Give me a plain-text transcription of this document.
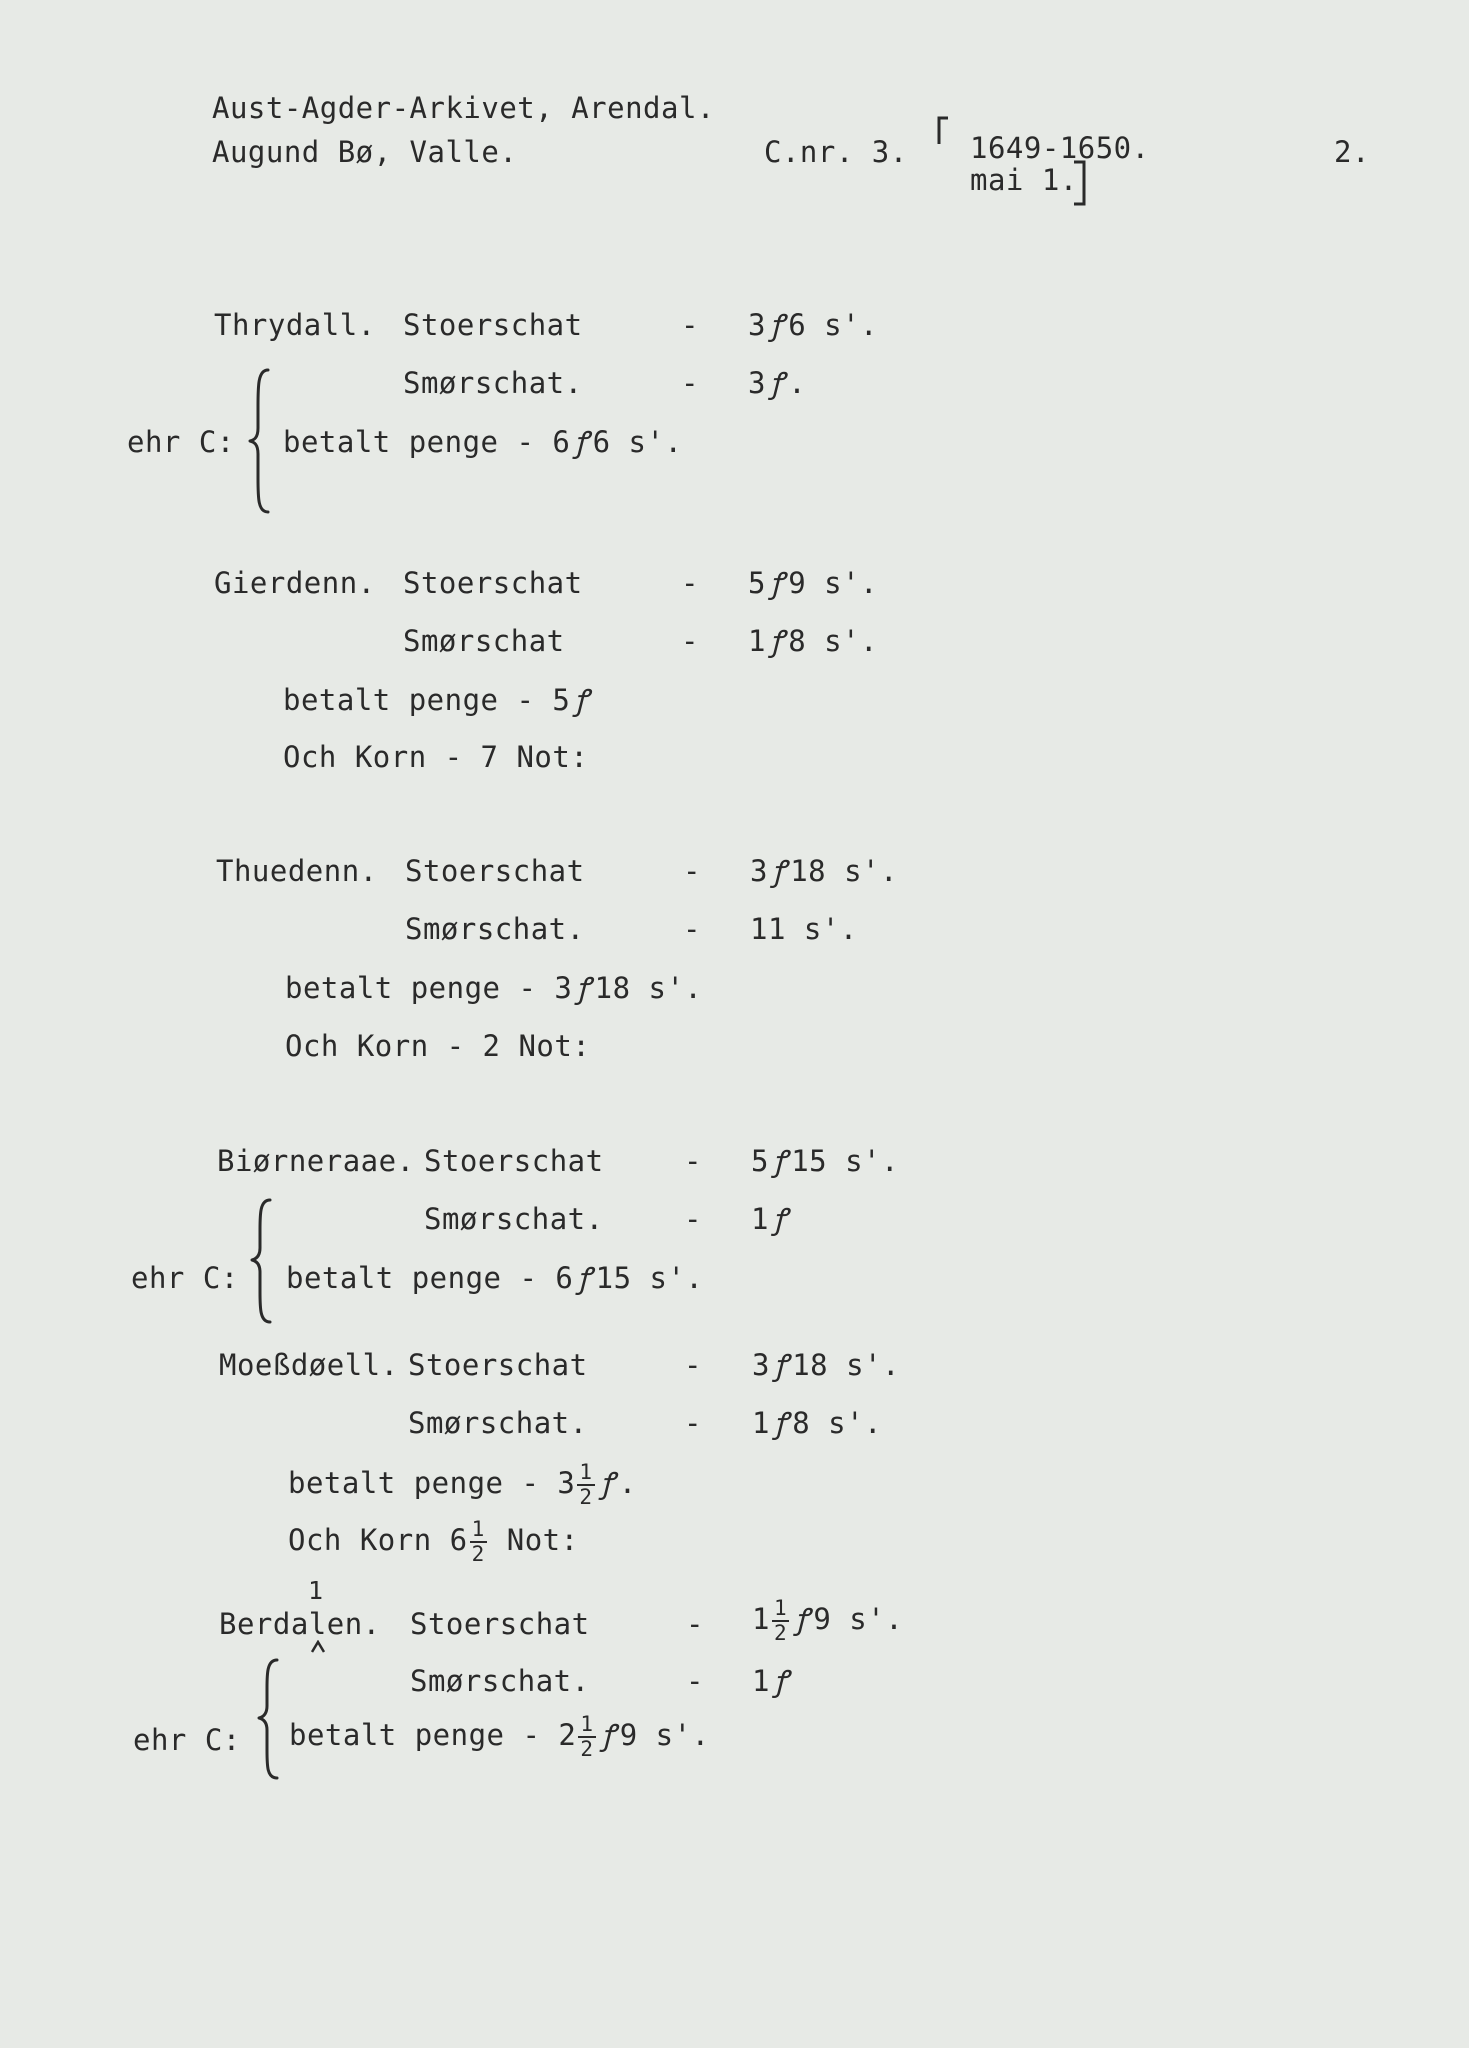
Aust-Agder-Arkivet, Arendal.
Augund Bø, Valle.	C.nr. 3. 1649-1650.
mai 1.
2.
Thrydall. Stoerschat	- 3 ꝭ 6 s'.
Smørschat.	- 3 ꝭ .
ehr C: betalt penge - 6 ꝭ 6 s'.
Gierdenn. Stoerschat	- 5 ꝭ 9 s'.
Smørschat	- 1 ꝭ 8 s'.
betalt penge - 5 ꝭ
Och Korn - 7 Not:
Thuedenn. Stoerschat	- 3 ꝭ 18 s'.
Smørschat.	- 11 s'.
betalt penge - 3 ꝭ 18 s'.
Och Korn - 2 Not:
Biørneraae. Stoerschat	- 5 ꝭ 15 s'.
Smørschat.	- 1 ꝭ
ehr C: betalt penge - 6 ꝭ 15 s'.
Moeßdøell. Stoerschat	- 3 ꝭ 18 s'.
Smørschat.	- 1 ꝭ 8 s'.
betalt penge - $3 \frac{1}{2}$ ꝭ .
Och Korn $6 \frac{1}{2}$ Not:
1
Berdalen. Stoerschat	- $1 \frac{1}{2}$ ꝭ 9 s'.
Smørschat.	- 1 ꝭ
ehr C: betalt penge - $2 \frac{1}{2}$ ꝭ 9 s'.
